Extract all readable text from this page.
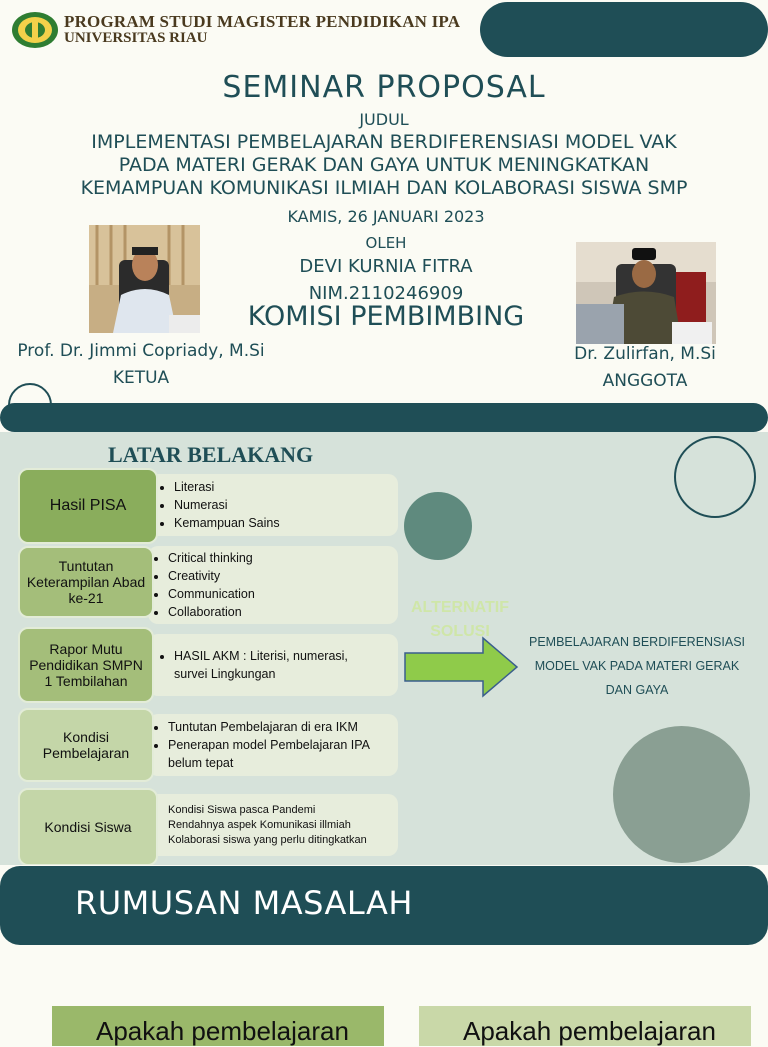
PROGRAM STUDI MAGISTER PENDIDIKAN IPA
UNIVERSITAS RIAU
SEMINAR PROPOSAL
JUDUL
IMPLEMENTASI PEMBELAJARAN BERDIFERENSIASI MODEL VAK
PADA MATERI GERAK DAN GAYA UNTUK MENINGKATKAN
KEMAMPUAN KOMUNIKASI ILMIAH DAN KOLABORASI SISWA SMP
KAMIS, 26 JANUARI 2023
OLEH
DEVI KURNIA FITRA
NIM.2110246909
KOMISI PEMBIMBING
Prof. Dr. Jimmi Copriady, M.Si
KETUA
Dr. Zulirfan, M.Si
ANGGOTA
LATAR BELAKANG
• Literasi
• Numerasi
• Kemampuan Sains
Hasil PISA
• Critical thinking
• Creativity
• Communication
• Collaboration
Tuntutan Keterampilan Abad ke-21
• HASIL AKM : Literisi, numerasi, survei Lingkungan
Rapor Mutu Pendidikan SMPN 1 Tembilahan
• Tuntutan Pembelajaran di era IKM
• Penerapan model Pembelajaran IPA belum tepat
Kondisi Pembelajaran
• Kondisi Siswa pasca Pandemi
• Rendahnya aspek Komunikasi illmiah
• Kolaborasi siswa yang perlu ditingkatkan
Kondisi Siswa
ALTERNATIF
SOLUSI
PEMBELAJARAN BERDIFERENSIASI
MODEL VAK PADA MATERI GERAK
DAN GAYA
RUMUSAN MASALAH
Apakah pembelajaran	Apakah pembelajaran
